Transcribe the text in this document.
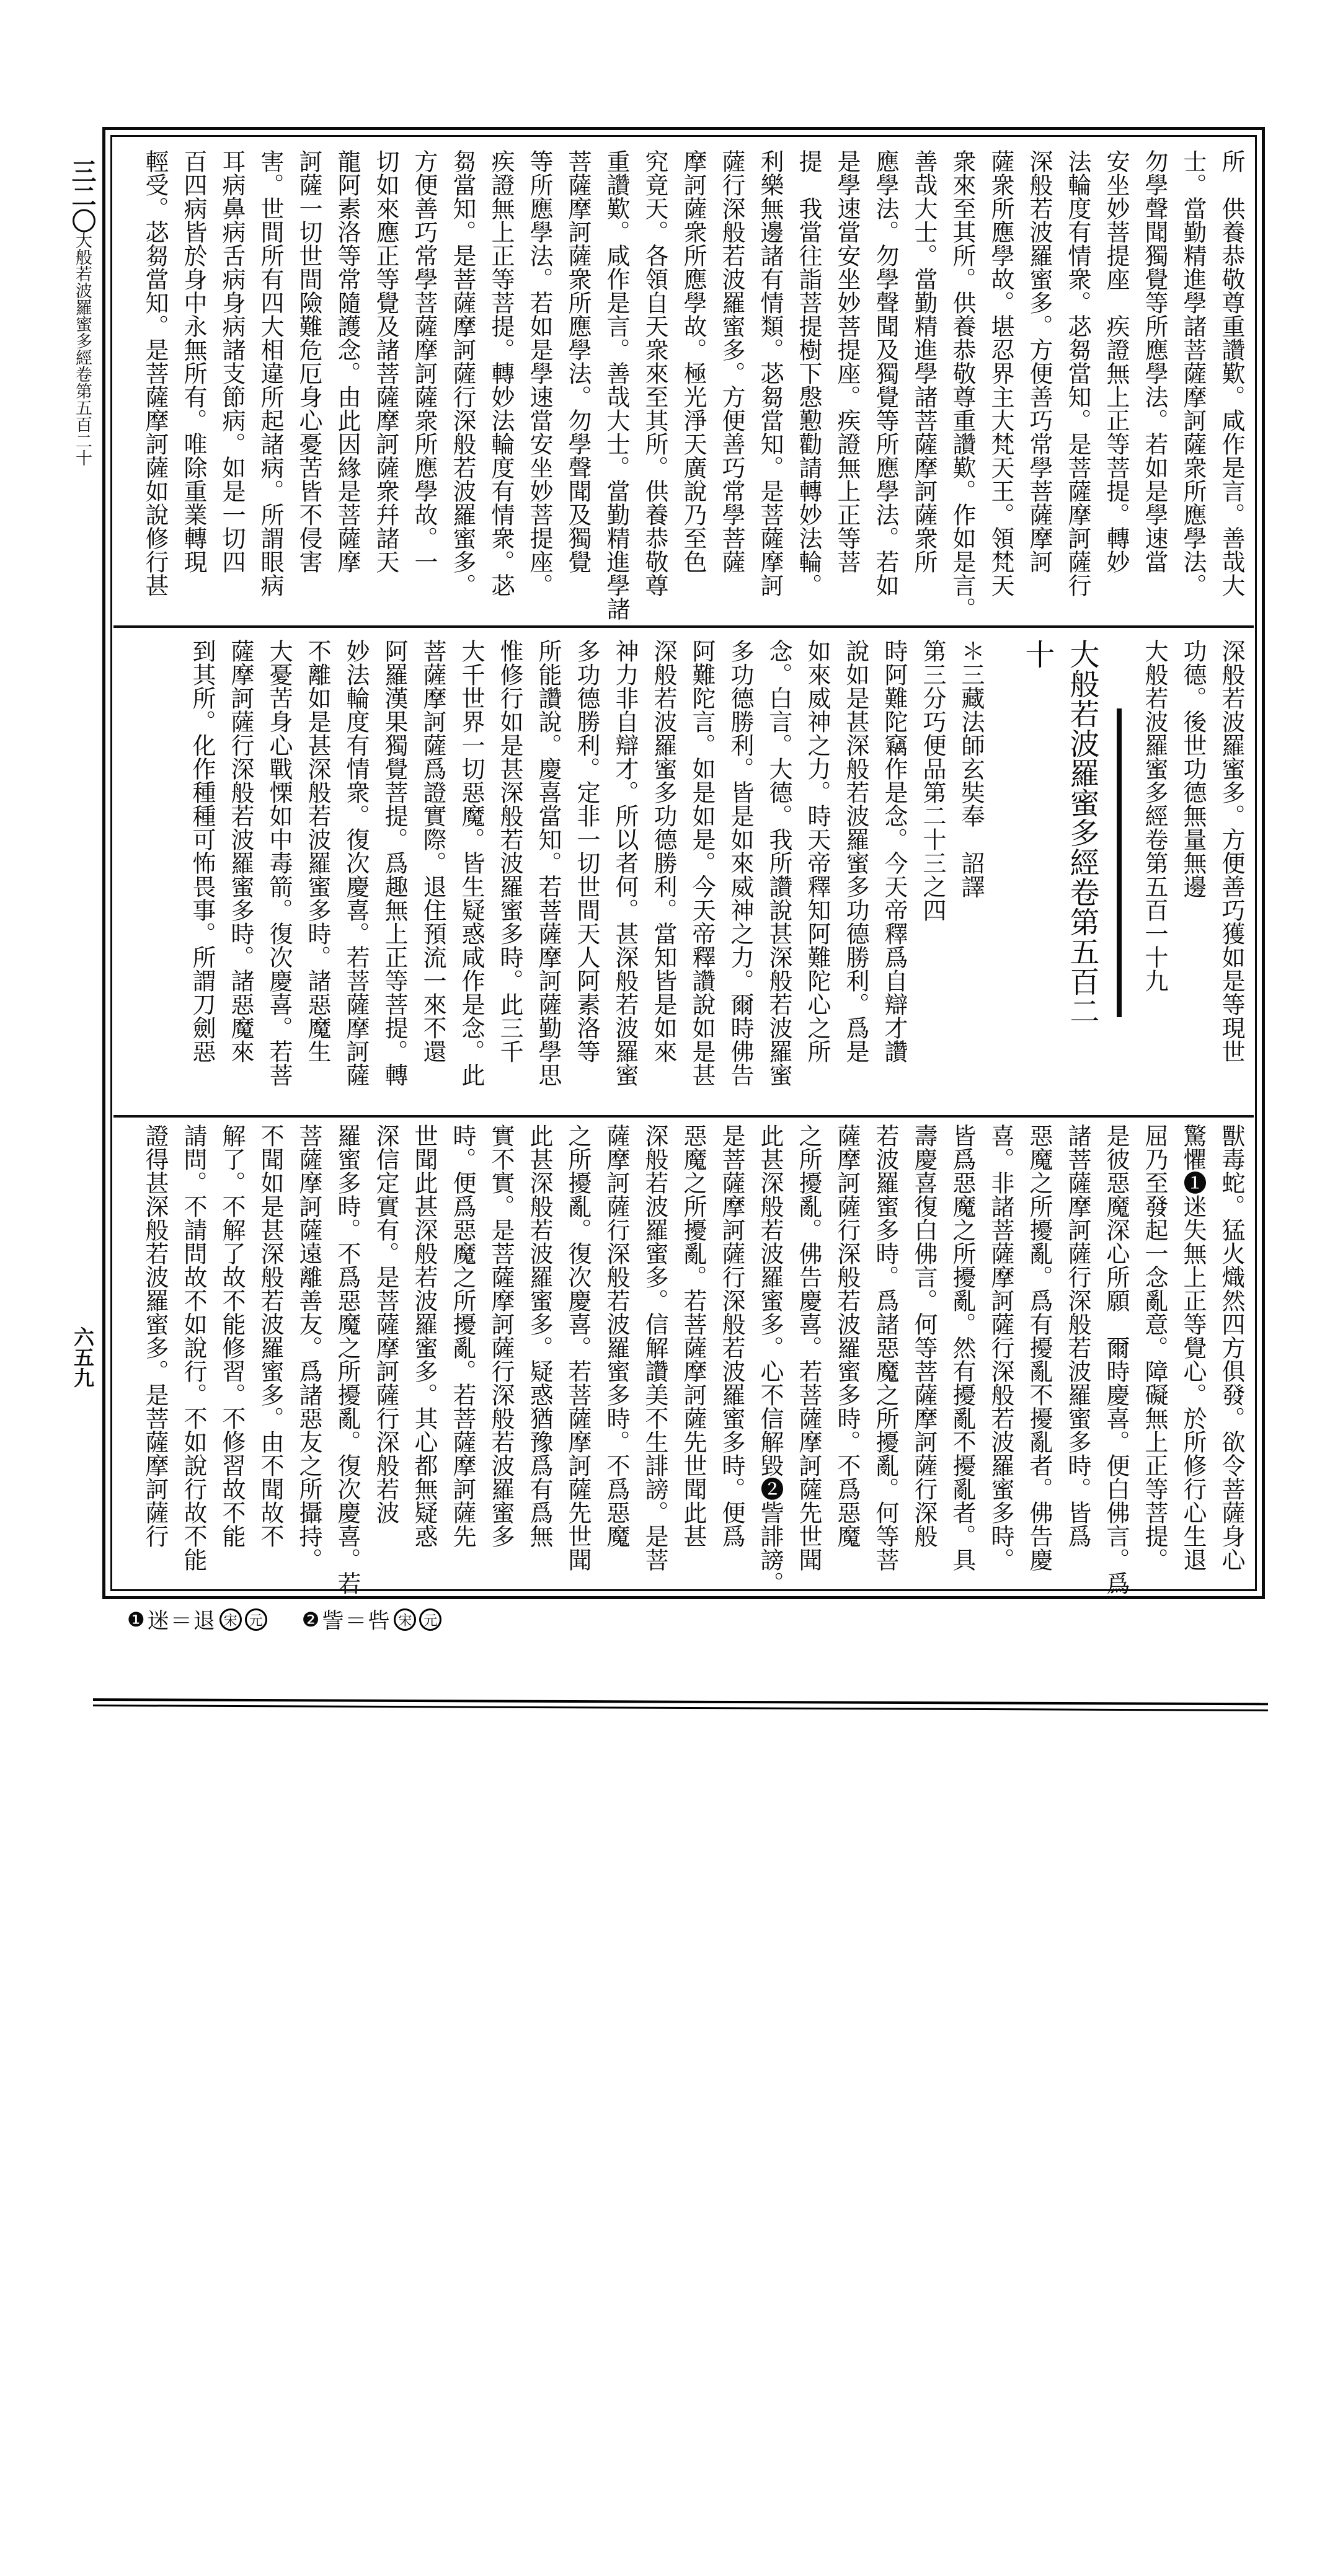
所　供養恭敬尊重讚歎。咸作是言。善哉大
士。當勤精進學諸菩薩摩訶薩衆所應學法。
勿學聲聞獨覺等所應學法。若如是學速當
安坐妙菩提座　疾證無上正等菩提。轉妙
法輪度有情衆。苾芻當知。是菩薩摩訶薩行
深般若波羅蜜多。方便善巧常學菩薩摩訶
薩衆所應學故。堪忍界主大梵天王。領梵天
衆來至其所。供養恭敬尊重讚歎。作如是言。
善哉大士。當勤精進學諸菩薩摩訶薩衆所
應學法。勿學聲聞及獨覺等所應學法。若如
是學速當安坐妙菩提座。疾證無上正等菩
提　我當往詣菩提樹下慇懃勸請轉妙法輪。
利樂無邊諸有情類。苾芻當知。是菩薩摩訶
薩行深般若波羅蜜多。方便善巧常學菩薩
摩訶薩衆所應學故。極光淨天廣說乃至色
究竟天。各領自天衆來至其所。供養恭敬尊
重讚歎。咸作是言。善哉大士。當勤精進學諸
菩薩摩訶薩衆所應學法。勿學聲聞及獨覺
等所應學法。若如是學速當安坐妙菩提座。
疾證無上正等菩提。轉妙法輪度有情衆。苾
芻當知。是菩薩摩訶薩行深般若波羅蜜多。
方便善巧常學菩薩摩訶薩衆所應學故。一
切如來應正等覺及諸菩薩摩訶薩衆幷諸天
龍阿素洛等常隨護念。由此因緣是菩薩摩
訶薩一切世間險難危厄身心憂苦皆不侵害
害。世間所有四大相違所起諸病。所謂眼病
耳病鼻病舌病身病諸支節病。如是一切四
百四病皆於身中永無所有。唯除重業轉現
輕受。苾芻當知。是菩薩摩訶薩如說修行甚
深般若波羅蜜多。方便善巧獲如是等現世
功德。後世功德無量無邊
大般若波羅蜜多經卷第五百一十九

大般若波羅蜜多經卷第五百二
十

＊三藏法師玄奘奉　詔譯
第三分巧便品第二十三之四
時阿難陀竊作是念。今天帝釋爲自辯才讚
說如是甚深般若波羅蜜多功德勝利。爲是
如來威神之力。時天帝釋知阿難陀心之所
念。白言。大德。我所讚說甚深般若波羅蜜
多功德勝利。皆是如來威神之力。爾時佛告
阿難陀言。如是如是。今天帝釋讚說如是甚
深般若波羅蜜多功德勝利。當知皆是如來
神力非自辯才。所以者何。甚深般若波羅蜜
多功德勝利。定非一切世間天人阿素洛等
所能讚說。慶喜當知。若菩薩摩訶薩勤學思
惟修行如是甚深般若波羅蜜多時。此三千
大千世界一切惡魔。皆生疑惑咸作是念。此
菩薩摩訶薩爲證實際。退住預流一來不還
阿羅漢果獨覺菩提。爲趣無上正等菩提。轉
妙法輪度有情衆。復次慶喜。若菩薩摩訶薩
不離如是甚深般若波羅蜜多時。諸惡魔生
大憂苦身心戰慄如中毒箭。復次慶喜。若菩
薩摩訶薩行深般若波羅蜜多時。諸惡魔來
到其所。化作種種可怖畏事。所謂刀劍惡
獸毒蛇。猛火熾然四方俱發。欲令菩薩身心
驚懼❶迷失無上正等覺心。於所修行心生退
屈乃至發起一念亂意。障礙無上正等菩提。
是彼惡魔深心所願　爾時慶喜。便白佛言。爲
諸菩薩摩訶薩行深般若波羅蜜多時。皆爲
惡魔之所擾亂。爲有擾亂不擾亂者。佛告慶
喜。非諸菩薩摩訶薩行深般若波羅蜜多時。
皆爲惡魔之所擾亂。然有擾亂不擾亂者。具
壽慶喜復白佛言。何等菩薩摩訶薩行深般
若波羅蜜多時。爲諸惡魔之所擾亂。何等菩
薩摩訶薩行深般若波羅蜜多時。不爲惡魔
之所擾亂。佛告慶喜。若菩薩摩訶薩先世聞
此甚深般若波羅蜜多。心不信解毀❷訾誹謗。
是菩薩摩訶薩行深般若波羅蜜多時。便爲
惡魔之所擾亂。若菩薩摩訶薩先世聞此甚
深般若波羅蜜多。信解讚美不生誹謗。是菩
薩摩訶薩行深般若波羅蜜多時。不爲惡魔
之所擾亂。復次慶喜。若菩薩摩訶薩先世聞
此甚深般若波羅蜜多。疑惑猶豫爲有爲無
實不實。是菩薩摩訶薩行深般若波羅蜜多
時。便爲惡魔之所擾亂。若菩薩摩訶薩先
世聞此甚深般若波羅蜜多。其心都無疑惑
深信定實有。是菩薩摩訶薩行深般若波
羅蜜多時。不爲惡魔之所擾亂。復次慶喜。若
菩薩摩訶薩遠離善友。爲諸惡友之所攝持。
不聞如是甚深般若波羅蜜多。由不聞故不
解了。不解了故不能修習。不修習故不能
請問。不請問故不如說行。不如說行故不能
證得甚深般若波羅蜜多。是菩薩摩訶薩行
三二〇
大般若波羅蜜多經卷第五百二十
六五九
❶ 迷＝退 宋 元 ❷ 訾＝呰 宋 元
